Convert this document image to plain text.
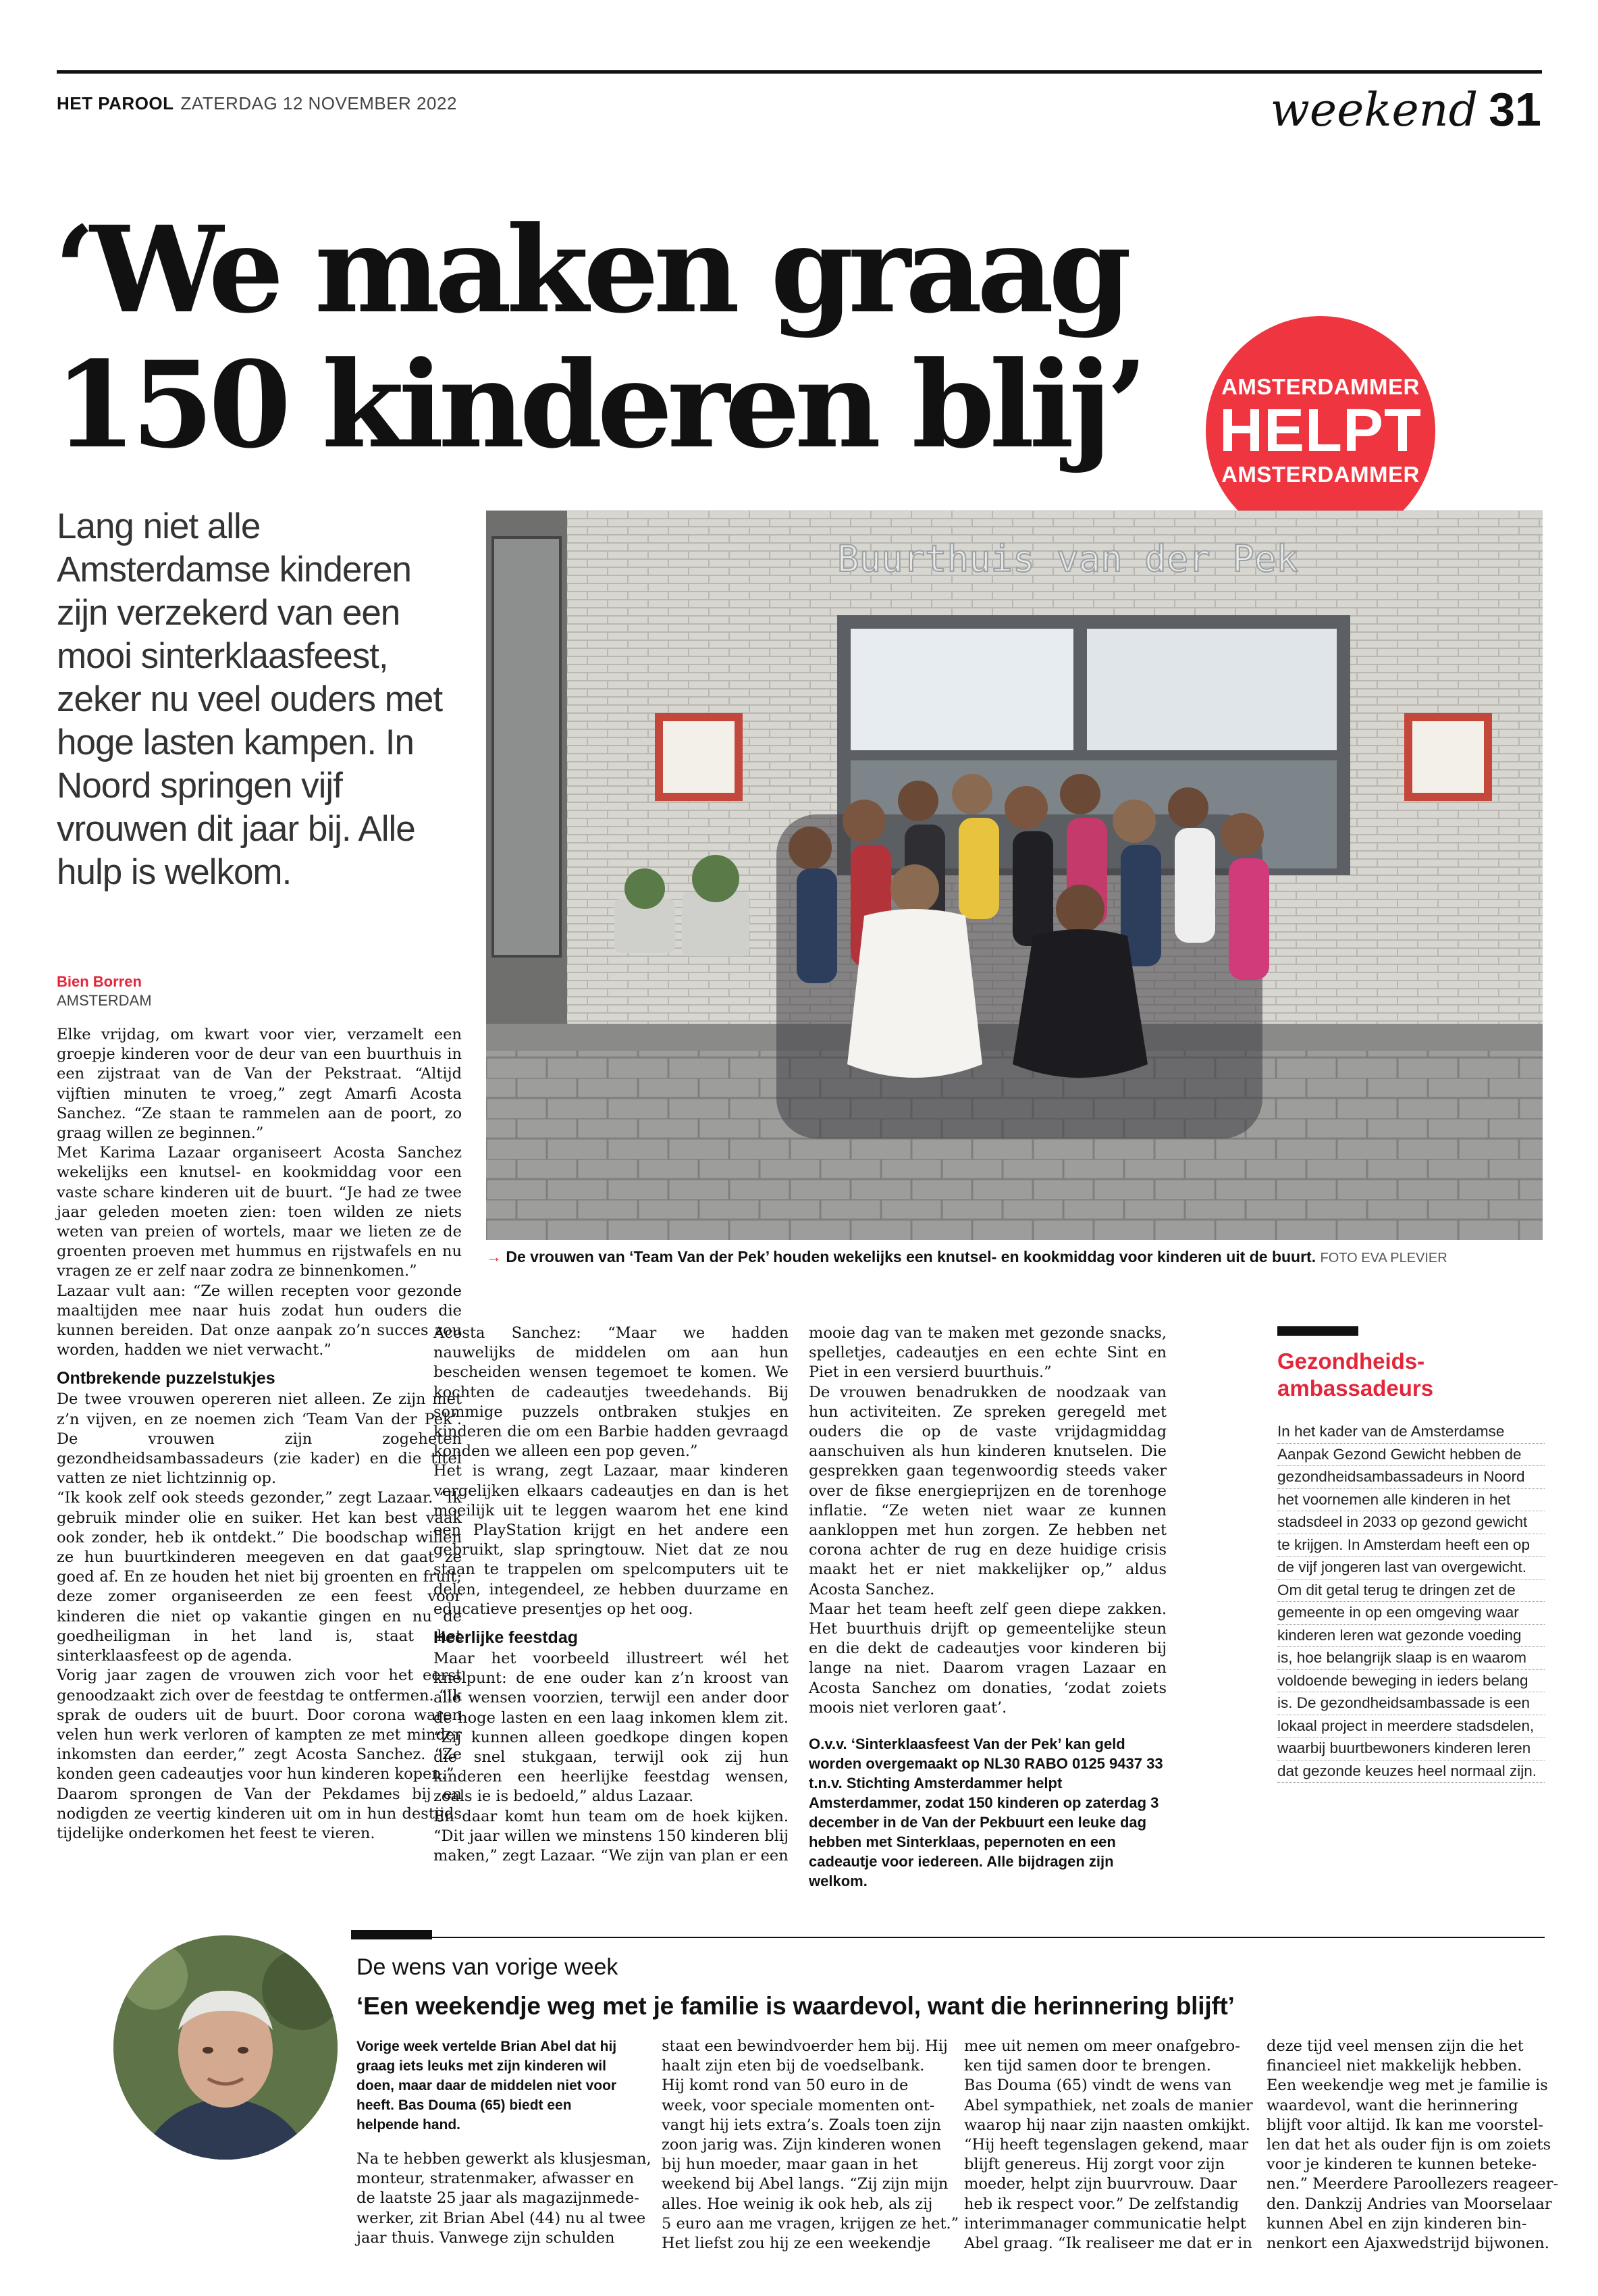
HET PAROOL ZATERDAG 12 NOVEMBER 2022	weekend 31
‘We maken graag
150 kinderen blij’	AMSTERDAMMER
HELPT
AMSTERDAMMER

Lang niet alle Amsterdamse kinderen zijn verzekerd van een mooi sinterklaasfeest, zeker nu veel ouders met hoge lasten kampen. In Noord springen vijf vrouwen dit jaar bij. Alle hulp is welkom.

Bien Borren
AMSTERDAM
Buurthuis van der Pek
→ De vrouwen van ‘Team Van der Pek’ houden wekelijks een knutsel- en kookmiddag voor kinderen uit de buurt. FOTO EVA PLEVIER

Elke vrijdag, om kwart voor vier, verzamelt een groepje kinderen voor de deur van een buurthuis in een zijstraat van de Van der Pekstraat. “Altijd vijftien minuten te vroeg,” zegt Amarfi Acosta Sanchez. “Ze staan te rammelen aan de poort, zo graag willen ze beginnen.”

Met Karima Lazaar organiseert Acosta Sanchez wekelijks een knutsel- en kookmiddag voor een vaste schare kinderen uit de buurt. “Je had ze twee jaar geleden moeten zien: toen wilden ze niets weten van preien of wortels, maar we lieten ze de groenten proeven met hummus en rijstwafels en nu vragen ze er zelf naar zodra ze binnenkomen.”

Lazaar vult aan: “Ze willen recepten voor gezonde maaltijden mee naar huis zodat hun ouders die kunnen bereiden. Dat onze aanpak zo’n succes zou worden, hadden we niet verwacht.”

Ontbrekende puzzelstukjes

De twee vrouwen opereren niet alleen. Ze zijn met z’n vijven, en ze noemen zich ‘Team Van der Pek’. De vrouwen zijn zogeheten gezondheidsambassadeurs (zie kader) en die titel vatten ze niet lichtzinnig op.

“Ik kook zelf ook steeds gezonder,” zegt Lazaar. “Ik gebruik minder olie en suiker. Het kan best vaak ook zonder, heb ik ontdekt.” Die boodschap willen ze hun buurtkinderen meegeven en dat gaat ze goed af. En ze houden het niet bij groenten en fruit; deze zomer organiseerden ze een feest voor kinderen die niet op vakantie gingen en nu de goedheiligman in het land is, staat het sinterklaasfeest op de agenda.

Vorig jaar zagen de vrouwen zich voor het eerst genoodzaakt zich over de feestdag te ontfermen. “Ik sprak de ouders uit de buurt. Door corona waren velen hun werk verloren of kampten ze met minder inkomsten dan eerder,” zegt Acosta Sanchez. “Ze konden geen cadeautjes voor hun kinderen kopen.”

Daarom sprongen de Van der Pekdames bij en nodigden ze veertig kinderen uit om in hun destijds tijdelijke onderkomen het feest te vieren.

Acosta Sanchez: “Maar we hadden nauwelijks de middelen om aan hun bescheiden wensen tegemoet te komen. We kochten de cadeautjes tweedehands. Bij sommige puzzels ontbraken stukjes en kinderen die om een Barbie hadden gevraagd konden we alleen een pop geven.”

Het is wrang, zegt Lazaar, maar kinderen vergelijken elkaars cadeautjes en dan is het moeilijk uit te leggen waarom het ene kind een PlayStation krijgt en het andere een gebruikt, slap springtouw. Niet dat ze nou staan te trappelen om spelcomputers uit te delen, integendeel, ze hebben duurzame en educatieve presentjes op het oog.

Heerlijke feestdag

Maar het voorbeeld illustreert wél het knelpunt: de ene ouder kan z’n kroost van alle wensen voorzien, terwijl een ander door de hoge lasten en een laag inkomen klem zit. “Zij kunnen alleen goedkope dingen kopen die snel stukgaan, terwijl ook zij hun kinderen een heerlijke feestdag wensen, zoals ie is bedoeld,” aldus Lazaar.

En daar komt hun team om de hoek kijken. “Dit jaar willen we minstens 150 kinderen blij maken,” zegt Lazaar. “We zijn van plan er een

mooie dag van te maken met gezonde snacks, spelletjes, cadeautjes en een echte Sint en Piet in een versierd buurthuis.”

De vrouwen benadrukken de noodzaak van hun activiteiten. Ze spreken geregeld met ouders die op de vaste vrijdagmiddag aanschuiven als hun kinderen knutselen. Die gesprekken gaan tegenwoordig steeds vaker over de fikse energieprijzen en de torenhoge inflatie. “Ze weten niet waar ze kunnen aankloppen met hun zorgen. Ze hebben net corona achter de rug en deze huidige crisis maakt het er niet makkelijker op,” aldus Acosta Sanchez.

Maar het team heeft zelf geen diepe zakken. Het buurthuis drijft op gemeentelijke steun en die dekt de cadeautjes voor kinderen bij lange na niet. Daarom vragen Lazaar en Acosta Sanchez om donaties, ‘zodat zoiets moois niet verloren gaat’.

O.v.v. ‘Sinterklaasfeest Van der Pek’ kan geld worden overgemaakt op NL30 RABO 0125 9437 33 t.n.v. Stichting Amsterdammer helpt Amsterdammer, zodat 150 kinderen op zaterdag 3 december in de Van der Pekbuurt een leuke dag hebben met Sinterklaas, pepernoten en een cadeautje voor iedereen. Alle bijdragen zijn welkom.

Gezondheids-
ambassadeurs
In het kader van de Amsterdamse
Aanpak Gezond Gewicht hebben de
gezondheidsambassadeurs in Noord
het voornemen alle kinderen in het
stadsdeel in 2033 op gezond gewicht
te krijgen. In Amsterdam heeft een op
de vijf jongeren last van overgewicht.
Om dit getal terug te dringen zet de
gemeente in op een omgeving waar
kinderen leren wat gezonde voeding
is, hoe belangrijk slaap is en waarom
voldoende beweging in ieders belang
is. De gezondheidsambassade is een
lokaal project in meerdere stadsdelen,
waarbij buurtbewoners kinderen leren
dat gezonde keuzes heel normaal zijn.
De wens van vorige week
‘Een weekendje weg met je familie is waardevol, want die herinnering blijft’
Vorige week vertelde Brian Abel dat hij
graag iets leuks met zijn kinderen wil
doen, maar daar de middelen niet voor
heeft. Bas Douma (65) biedt een
helpende hand.
Na te hebben gewerkt als klusjesman,
monteur, stratenmaker, afwasser en
de laatste 25 jaar als magazijnmede-
werker, zit Brian Abel (44) nu al twee
jaar thuis. Vanwege zijn schulden
staat een bewindvoerder hem bij. Hij
haalt zijn eten bij de voedselbank.
Hij komt rond van 50 euro in de
week, voor speciale momenten ont-
vangt hij iets extra’s. Zoals toen zijn
zoon jarig was. Zijn kinderen wonen
bij hun moeder, maar gaan in het
weekend bij Abel langs. “Zij zijn mijn
alles. Hoe weinig ik ook heb, als zij
5 euro aan me vragen, krijgen ze het.”
Het liefst zou hij ze een weekendje
mee uit nemen om meer onafgebro-
ken tijd samen door te brengen.
Bas Douma (65) vindt de wens van
Abel sympathiek, net zoals de manier
waarop hij naar zijn naasten omkijkt.
“Hij heeft tegenslagen gekend, maar
blijft genereus. Hij zorgt voor zijn
moeder, helpt zijn buurvrouw. Daar
heb ik respect voor.” De zelfstandig
interimmanager communicatie helpt
Abel graag. “Ik realiseer me dat er in
deze tijd veel mensen zijn die het
financieel niet makkelijk hebben.
Een weekendje weg met je familie is
waardevol, want die herinnering
blijft voor altijd. Ik kan me voorstel-
len dat het als ouder fijn is om zoiets
voor je kinderen te kunnen beteke-
nen.” Meerdere Paroollezers reageer-
den. Dankzij Andries van Moorselaar
kunnen Abel en zijn kinderen bin-
nenkort een Ajaxwedstrijd bijwonen.
